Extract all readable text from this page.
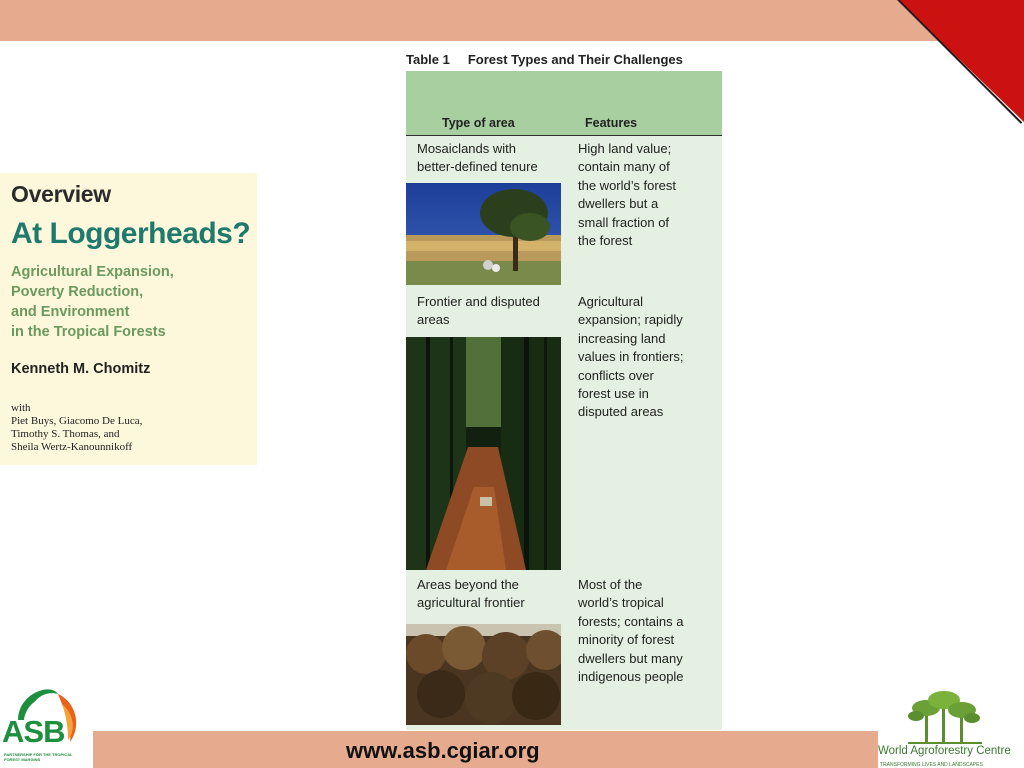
Overview
At Loggerheads?
Agricultural Expansion,
Poverty Reduction,
and Environment
in the Tropical Forests
Kenneth M. Chomitz
with
Piet Buys, Giacomo De Luca,
Timothy S. Thomas, and
Sheila Wertz-Kanounnikoff
Table 1 Forest Types and Their Challenges
Type of area	Features
Mosaiclands with
better-defined tenure
High land value;
contain many of
the world’s forest
dwellers but a
small fraction of
the forest
Frontier and disputed
areas
Agricultural
expansion; rapidly
increasing land
values in frontiers;
conflicts over
forest use in
disputed areas
Areas beyond the
agricultural frontier
Most of the
world’s tropical
forests; contains a
minority of forest
dwellers but many
indigenous people
www.asb.cgiar.org
ASB
PARTNERSHIP FOR THE TROPICAL FOREST MARGINS
World Agroforestry Centre
TRANSFORMING LIVES AND LANDSCAPES
